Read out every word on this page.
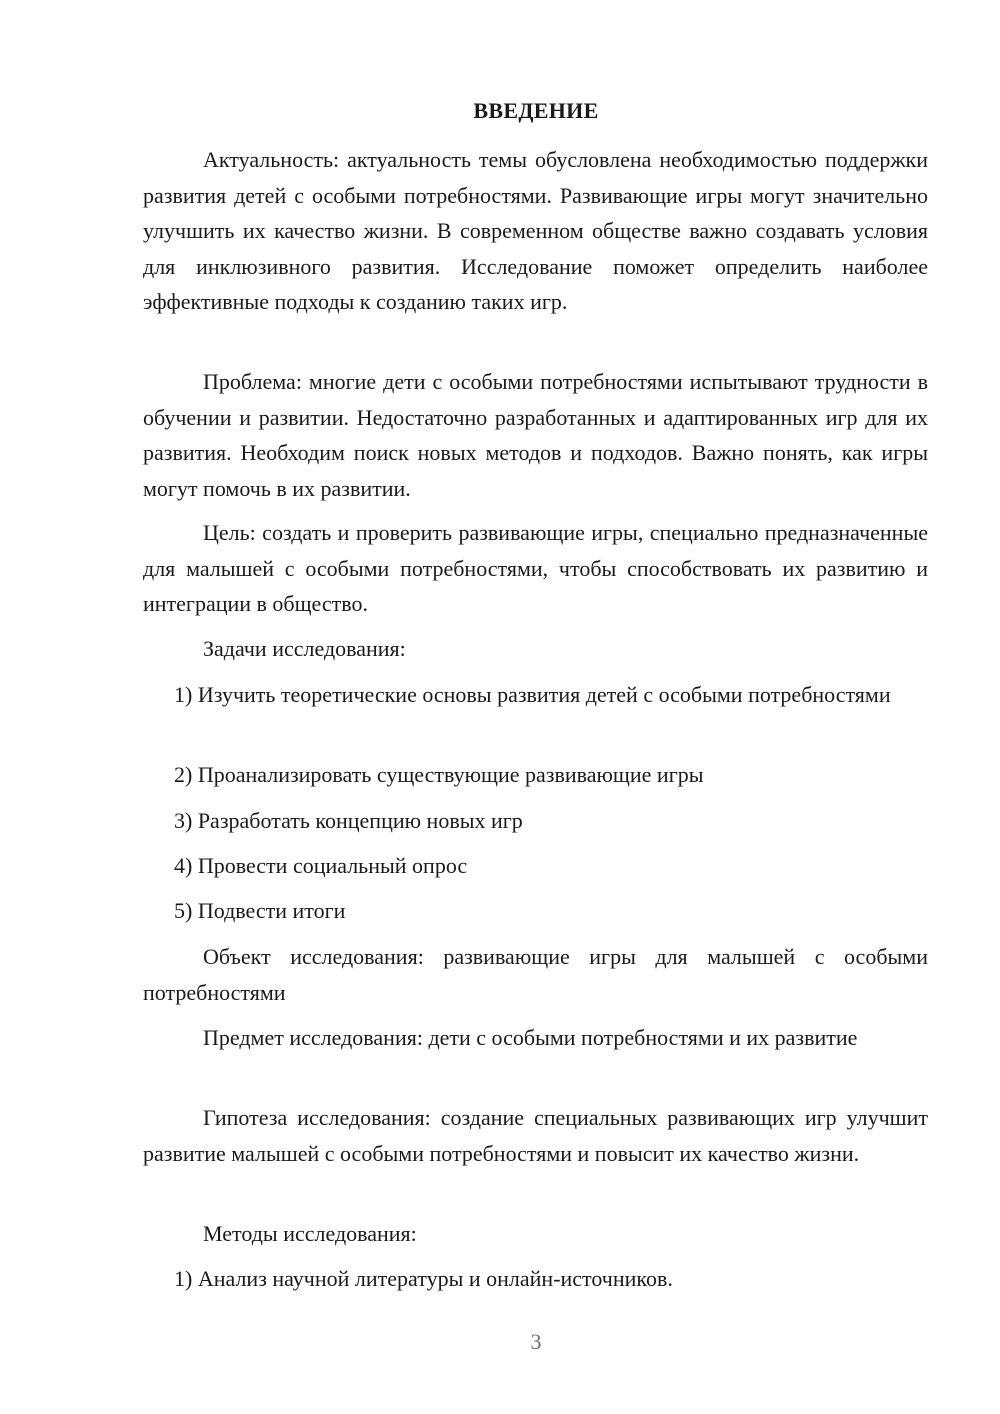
ВВЕДЕНИЕ
Актуальность: актуальность темы обусловлена необходимостью поддержки развития детей с особыми потребностями. Развивающие игры могут значительно улучшить их качество жизни. В современном обществе важно создавать условия для инклюзивного развития. Исследование поможет определить наиболее эффективные подходы к созданию таких игр.
Проблема: многие дети с особыми потребностями испытывают трудности в обучении и развитии. Недостаточно разработанных и адаптированных игр для их развития. Необходим поиск новых методов и подходов. Важно понять, как игры могут помочь в их развитии.
Цель: создать и проверить развивающие игры, специально предназначенные для малышей с особыми потребностями, чтобы способствовать их развитию и интеграции в общество.
Задачи исследования:
1) Изучить теоретические основы развития детей с особыми потребностями
2) Проанализировать существующие развивающие игры
3) Разработать концепцию новых игр
4) Провести социальный опрос
5) Подвести итоги
Объект исследования: развивающие игры для малышей с особыми потребностями
Предмет исследования: дети с особыми потребностями и их развитие
Гипотеза исследования: создание специальных развивающих игр улучшит развитие малышей с особыми потребностями и повысит их качество жизни.
Методы исследования:
1) Анализ научной литературы и онлайн-источников.
3
